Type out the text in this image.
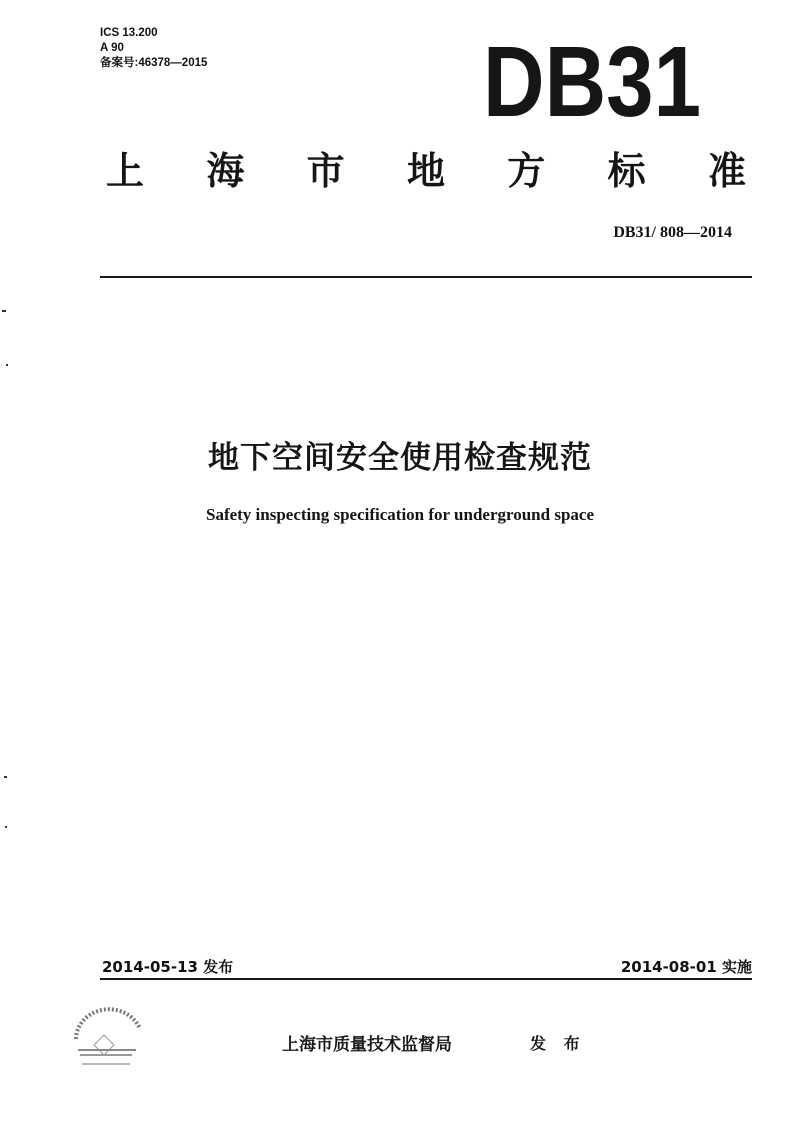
ICS 13.200
A 90
备案号:46378—2015	DB31
上 海 市 地 方 标 准
DB31/ 808—2014
地下空间安全使用检查规范
Safety inspecting specification for underground space
2014-05-13 发布	2014-08-01 实施
上海市质量技术监督局	发 布
